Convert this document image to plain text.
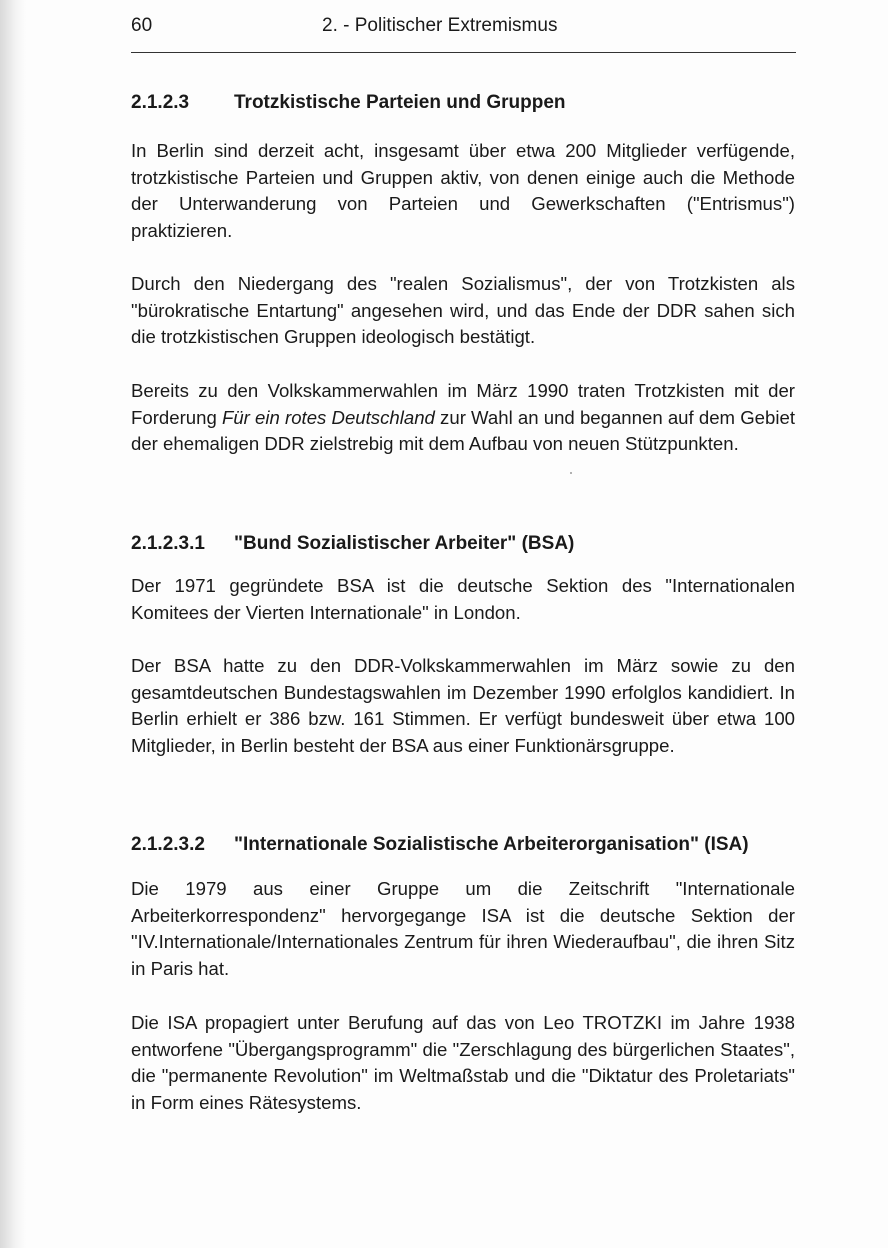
60	2. - Politischer Extremismus
2.1.2.3 Trotzkistische Parteien und Gruppen

In Berlin sind derzeit acht, insgesamt über etwa 200 Mitglieder verfügende, trotzkistische Parteien und Gruppen aktiv, von denen einige auch die Methode der Unterwanderung von Parteien und Gewerkschaften ("Entrismus") praktizieren.

Durch den Niedergang des "realen Sozialismus", der von Trotzkisten als "bürokratische Entartung" angesehen wird, und das Ende der DDR sahen sich die trotzkistischen Gruppen ideologisch bestätigt.

Bereits zu den Volkskammerwahlen im März 1990 traten Trotzkisten mit der Forderung Für ein rotes Deutschland zur Wahl an und begannen auf dem Gebiet der ehemaligen DDR zielstrebig mit dem Aufbau von neuen Stützpunkten.

2.1.2.3.1 "Bund Sozialistischer Arbeiter" (BSA)

Der 1971 gegründete BSA ist die deutsche Sektion des "Internationalen Komitees der Vierten Internationale" in London.

Der BSA hatte zu den DDR-Volkskammerwahlen im März sowie zu den gesamtdeutschen Bundestagswahlen im Dezember 1990 erfolglos kandidiert. In Berlin erhielt er 386 bzw. 161 Stimmen. Er verfügt bundesweit über etwa 100 Mitglieder, in Berlin besteht der BSA aus einer Funktionärsgruppe.

2.1.2.3.2 "Internationale Sozialistische Arbeiterorganisation" (ISA)

Die 1979 aus einer Gruppe um die Zeitschrift "Internationale Arbeiterkorrespondenz" hervorgegange ISA ist die deutsche Sektion der "IV.Internationale/Internationales Zentrum für ihren Wiederaufbau", die ihren Sitz in Paris hat.

Die ISA propagiert unter Berufung auf das von Leo TROTZKI im Jahre 1938 entworfene "Übergangsprogramm" die "Zerschlagung des bürgerlichen Staates", die "permanente Revolution" im Weltmaßstab und die "Diktatur des Proletariats" in Form eines Rätesystems.
